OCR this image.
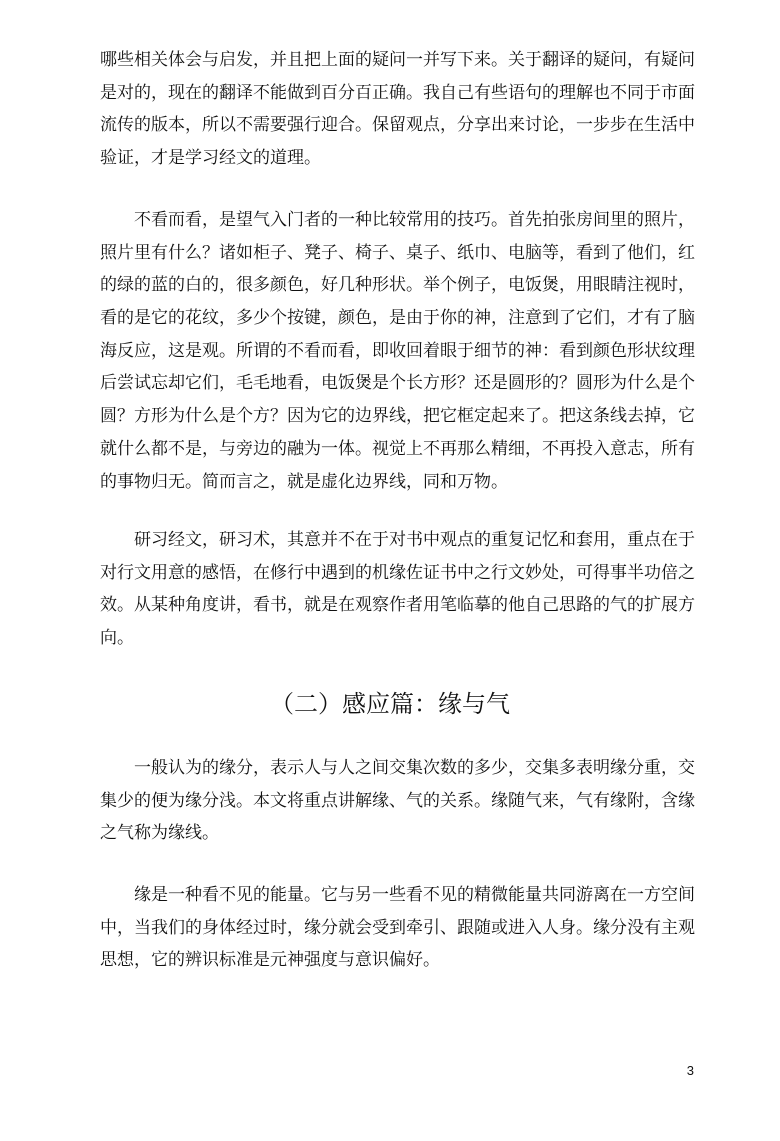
哪些相关体会与启发，并且把上面的疑问一并写下来。关于翻译的疑问，有疑问
是对的，现在的翻译不能做到百分百正确。我自己有些语句的理解也不同于市面
流传的版本，所以不需要强行迎合。保留观点，分享出来讨论，一步步在生活中
验证，才是学习经文的道理。
　　不看而看，是望气入门者的一种比较常用的技巧。首先拍张房间里的照片，
照片里有什么？诸如柜子、凳子、椅子、桌子、纸巾、电脑等，看到了他们，红
的绿的蓝的白的，很多颜色，好几种形状。举个例子，电饭煲，用眼睛注视时，
看的是它的花纹，多少个按键，颜色，是由于你的神，注意到了它们，才有了脑
海反应，这是观。所谓的不看而看，即收回着眼于细节的神：看到颜色形状纹理
后尝试忘却它们，毛毛地看，电饭煲是个长方形？还是圆形的？圆形为什么是个
圆？方形为什么是个方？因为它的边界线，把它框定起来了。把这条线去掉，它
就什么都不是，与旁边的融为一体。视觉上不再那么精细，不再投入意志，所有
的事物归无。简而言之，就是虚化边界线，同和万物。
　　研习经文，研习术，其意并不在于对书中观点的重复记忆和套用，重点在于
对行文用意的感悟，在修行中遇到的机缘佐证书中之行文妙处，可得事半功倍之
效。从某种角度讲，看书，就是在观察作者用笔临摹的他自己思路的气的扩展方
向。
（二）感应篇：缘与气
　　一般认为的缘分，表示人与人之间交集次数的多少，交集多表明缘分重，交
集少的便为缘分浅。本文将重点讲解缘、气的关系。缘随气来，气有缘附，含缘
之气称为缘线。
　　缘是一种看不见的能量。它与另一些看不见的精微能量共同游离在一方空间
中，当我们的身体经过时，缘分就会受到牵引、跟随或进入人身。缘分没有主观
思想，它的辨识标准是元神强度与意识偏好。
3
